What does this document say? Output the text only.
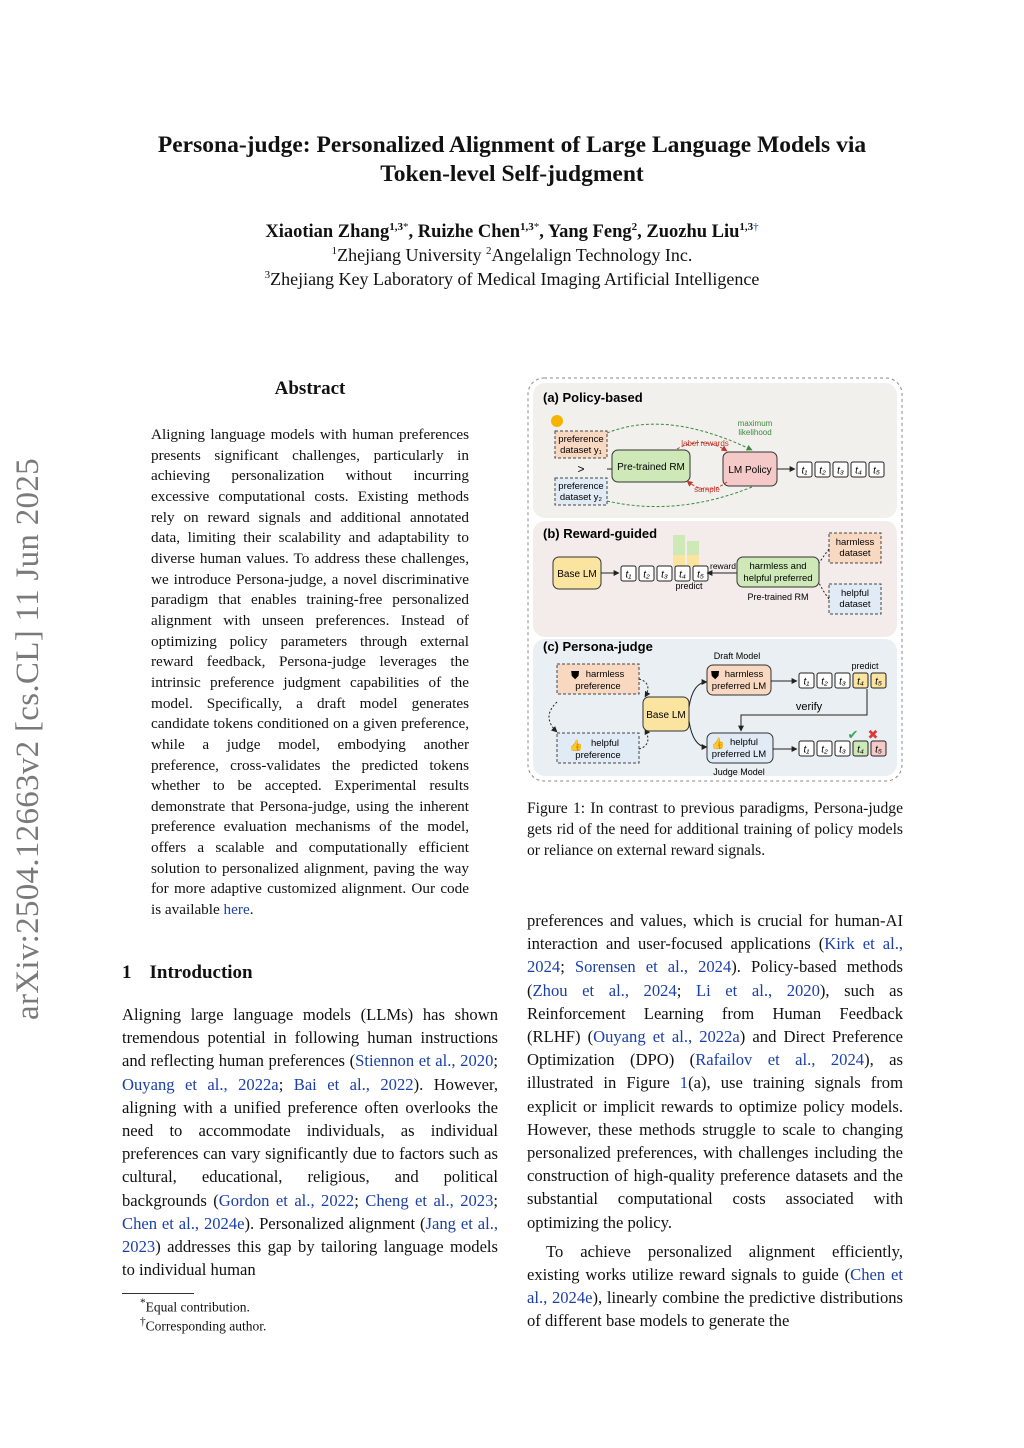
arXiv:2504.12663v2 [cs.CL] 11 Jun 2025
Persona-judge: Personalized Alignment of Large Language Models via
Token-level Self-judgment
Xiaotian Zhang$^{1,3*}$, Ruizhe Chen$^{1,3*}$, Yang Feng$^2$, Zuozhu Liu$^{1,3\dagger}$
$^1$Zhejiang University $^2$Angelalign Technology Inc.
$^3$Zhejiang Key Laboratory of Medical Imaging Artificial Intelligence
Abstract
Aligning language models with human preferences presents significant challenges, particularly in achieving personalization without incurring excessive computational costs. Existing methods rely on reward signals and additional annotated data, limiting their scalability and adaptability to diverse human values. To address these challenges, we introduce Persona-judge, a novel discriminative paradigm that enables training-free personalized alignment with unseen preferences. Instead of optimizing policy parameters through external reward feedback, Persona-judge leverages the intrinsic preference judgment capabilities of the model. Specifically, a draft model generates candidate tokens conditioned on a given preference, while a judge model, embodying another preference, cross-validates the predicted tokens whether to be accepted. Experimental results demonstrate that Persona-judge, using the inherent preference evaluation mechanisms of the model, offers a scalable and computationally efficient solution to personalized alignment, paving the way for more adaptive customized alignment. Our code is available here.
1 Introduction
Aligning large language models (LLMs) has shown tremendous potential in following human instructions and reflecting human preferences (Stiennon et al., 2020; Ouyang et al., 2022a; Bai et al., 2022). However, aligning with a unified preference often overlooks the need to accommodate individuals, as individual preferences can vary significantly due to factors such as cultural, educational, religious, and political backgrounds (Gordon et al., 2022; Cheng et al., 2023; Chen et al., 2024e). Personalized alignment (Jang et al., 2023) addresses this gap by tailoring language models to individual human
*Equal contribution.
†Corresponding author.
(a) Policy-based
preference dataset y₁
>
preference dataset y₂
Pre-trained RM	LM Policy
label rewards
sample
maximum
likelihood
t₁ t₂ t₃ t₄ t₅
(b) Reward-guided
Base LM	t₁ t₂ t₃ t₄ t₅
predict
reward harmless and
helpful preferred
Pre-trained RM
harmless
dataset
helpful
dataset
(c) Persona-judge
harmless
preference
⛊
helpful
preference
👍
Base LM
Draft Model
harmless
preferred LM
⛊	t₁ t₂ t₃ t₄ t₅
predict
verify
helpful
preferred LM
👍
Judge Model
t₁ t₂ t₃ t₄ t₅
✔ ✖
Figure 1: In contrast to previous paradigms, Persona-judge gets rid of the need for additional training of policy models or reliance on external reward signals.

preferences and values, which is crucial for human-AI interaction and user-focused applications (Kirk et al., 2024; Sorensen et al., 2024). Policy-based methods (Zhou et al., 2024; Li et al., 2020), such as Reinforcement Learning from Human Feedback (RLHF) (Ouyang et al., 2022a) and Direct Preference Optimization (DPO) (Rafailov et al., 2024), as illustrated in Figure 1(a), use training signals from explicit or implicit rewards to optimize policy models. However, these methods struggle to scale to changing personalized preferences, with challenges including the construction of high-quality preference datasets and the substantial computational costs associated with optimizing the policy.

To achieve personalized alignment efficiently, existing works utilize reward signals to guide (Chen et al., 2024e), linearly combine the predictive distributions of different base models to generate the
